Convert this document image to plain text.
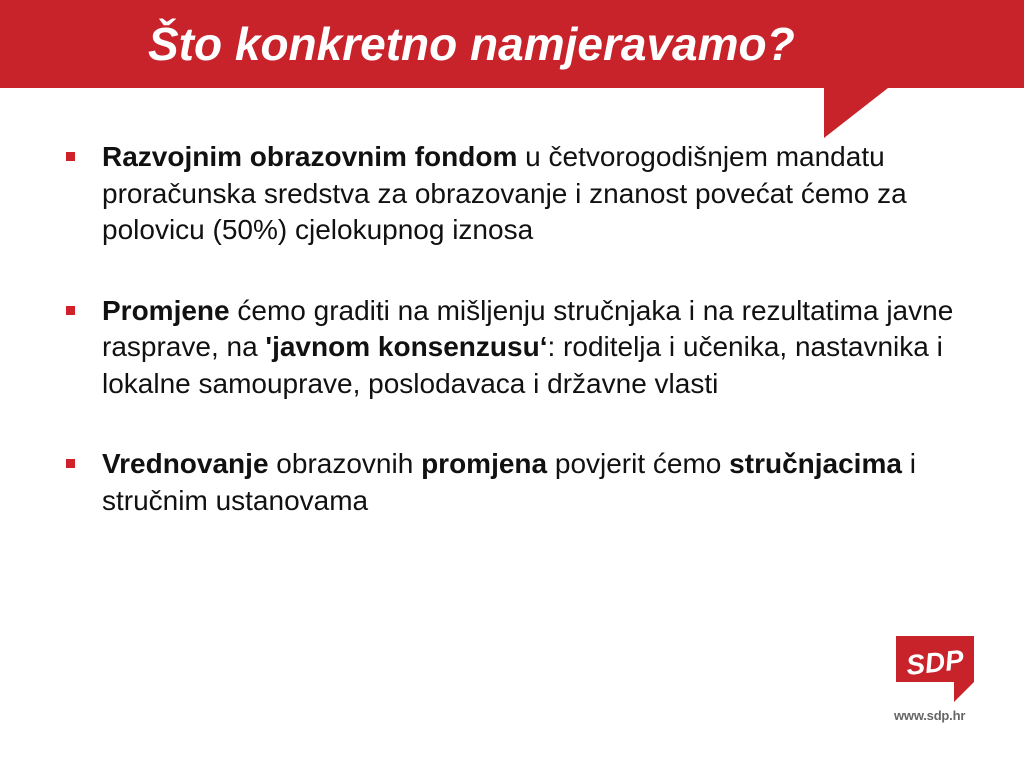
Što konkretno namjeravamo?
Razvojnim obrazovnim fondom u četvorogodišnjem mandatu proračunska sredstva za obrazovanje i znanost povećat ćemo za polovicu (50%) cjelokupnog iznosa
Promjene ćemo graditi na mišljenju stručnjaka i na rezultatima javne rasprave, na 'javnom konsenzusu‘: roditelja i učenika, nastavnika i lokalne samouprave, poslodavaca i državne vlasti
Vrednovanje obrazovnih promjena povjerit ćemo stručnjacima i stručnim ustanovama
SDP

www.sdp.hr
